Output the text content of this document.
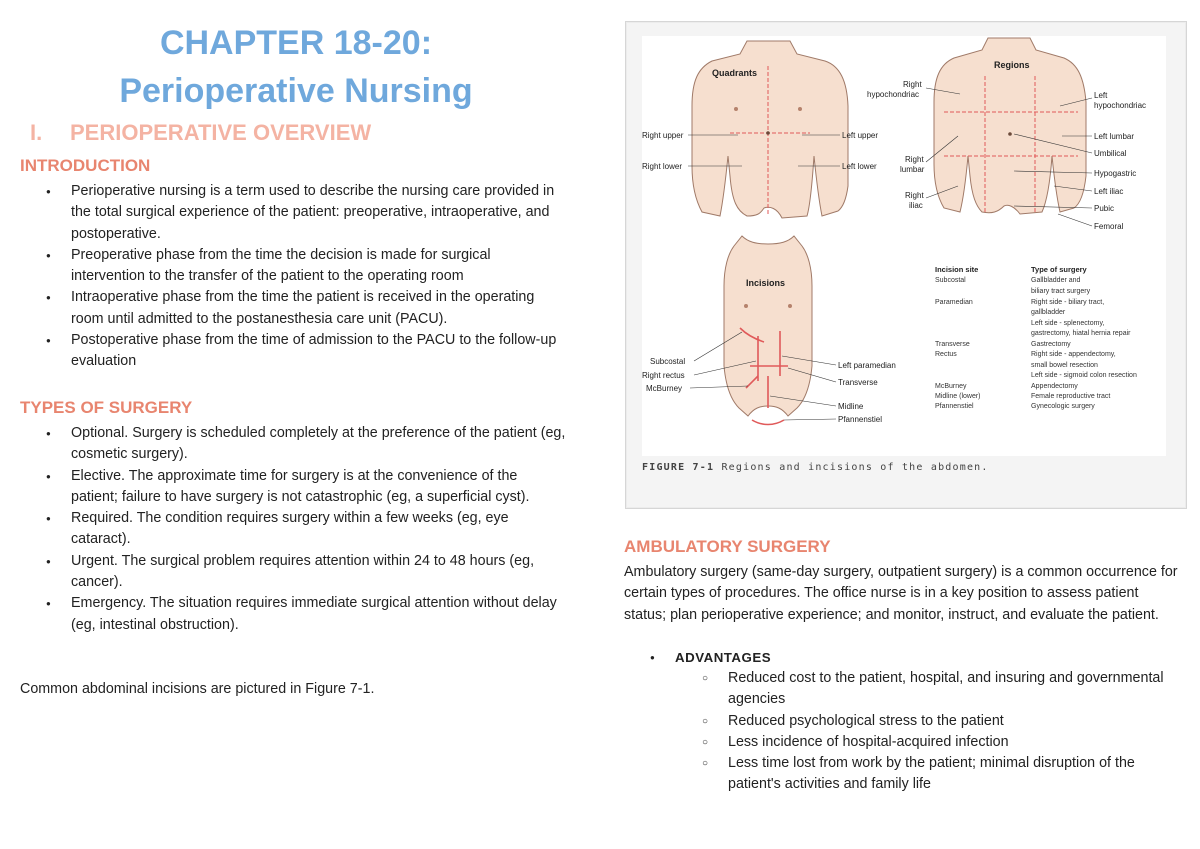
CHAPTER 18-20:
Perioperative Nursing
I. PERIOPERATIVE OVERVIEW
INTRODUCTION
● Perioperative nursing is a term used to describe the nursing care provided in the total surgical experience of the patient: preoperative, intraoperative, and postoperative.
● Preoperative phase from the time the decision is made for surgical intervention to the transfer of the patient to the operating room
● Intraoperative phase from the time the patient is received in the operating room until admitted to the postanesthesia care unit (PACU).
● Postoperative phase from the time of admission to the PACU to the follow-up evaluation
TYPES OF SURGERY
● Optional. Surgery is scheduled completely at the preference of the patient (eg, cosmetic surgery).
● Elective. The approximate time for surgery is at the convenience of the patient; failure to have surgery is not catastrophic (eg, a superficial cyst).
● Required. The condition requires surgery within a few weeks (eg, eye cataract).
● Urgent. The surgical problem requires attention within 24 to 48 hours (eg, cancer).
● Emergency. The situation requires immediate surgical attention without delay (eg, intestinal obstruction).

Common abdominal incisions are pictured in Figure 7-1.

Quadrants
Right upper
Right lower
Left upper
Left lower
Regions
Right
hypochondriac
Right
lumbar
Right
iliac
Left
hypochondriac
Left lumbar
Umbilical
Hypogastric
Left iliac
Pubic
Femoral
Incisions
Subcostal
Right rectus
McBurney
Left paramedian
Transverse
Midline
Pfannenstiel
Incision site	Type of surgery
Subcostal
Paramedian
Transverse
Rectus
McBurney
Midline (lower)
Pfannenstiel
Gallbladder and
biliary tract surgery
Right side - biliary tract,
gallbladder
Left side - splenectomy,
gastrectomy, hiatal hernia repair
Gastrectomy
Right side - appendectomy,
small bowel resection
Left side - sigmoid colon resection
Appendectomy
Female reproductive tract
Gynecologic surgery
FIGURE 7-1 Regions and incisions of the abdomen.
AMBULATORY SURGERY

Ambulatory surgery (same-day surgery, outpatient surgery) is a common occurrence for certain types of procedures. The office nurse is in a key position to assess patient status; plan perioperative experience; and monitor, instruct, and evaluate the patient.

● ADVANTAGES
○ Reduced cost to the patient, hospital, and insuring and governmental agencies
○ Reduced psychological stress to the patient
○ Less incidence of hospital-acquired infection
○ Less time lost from work by the patient; minimal disruption of the patient's activities and family life
